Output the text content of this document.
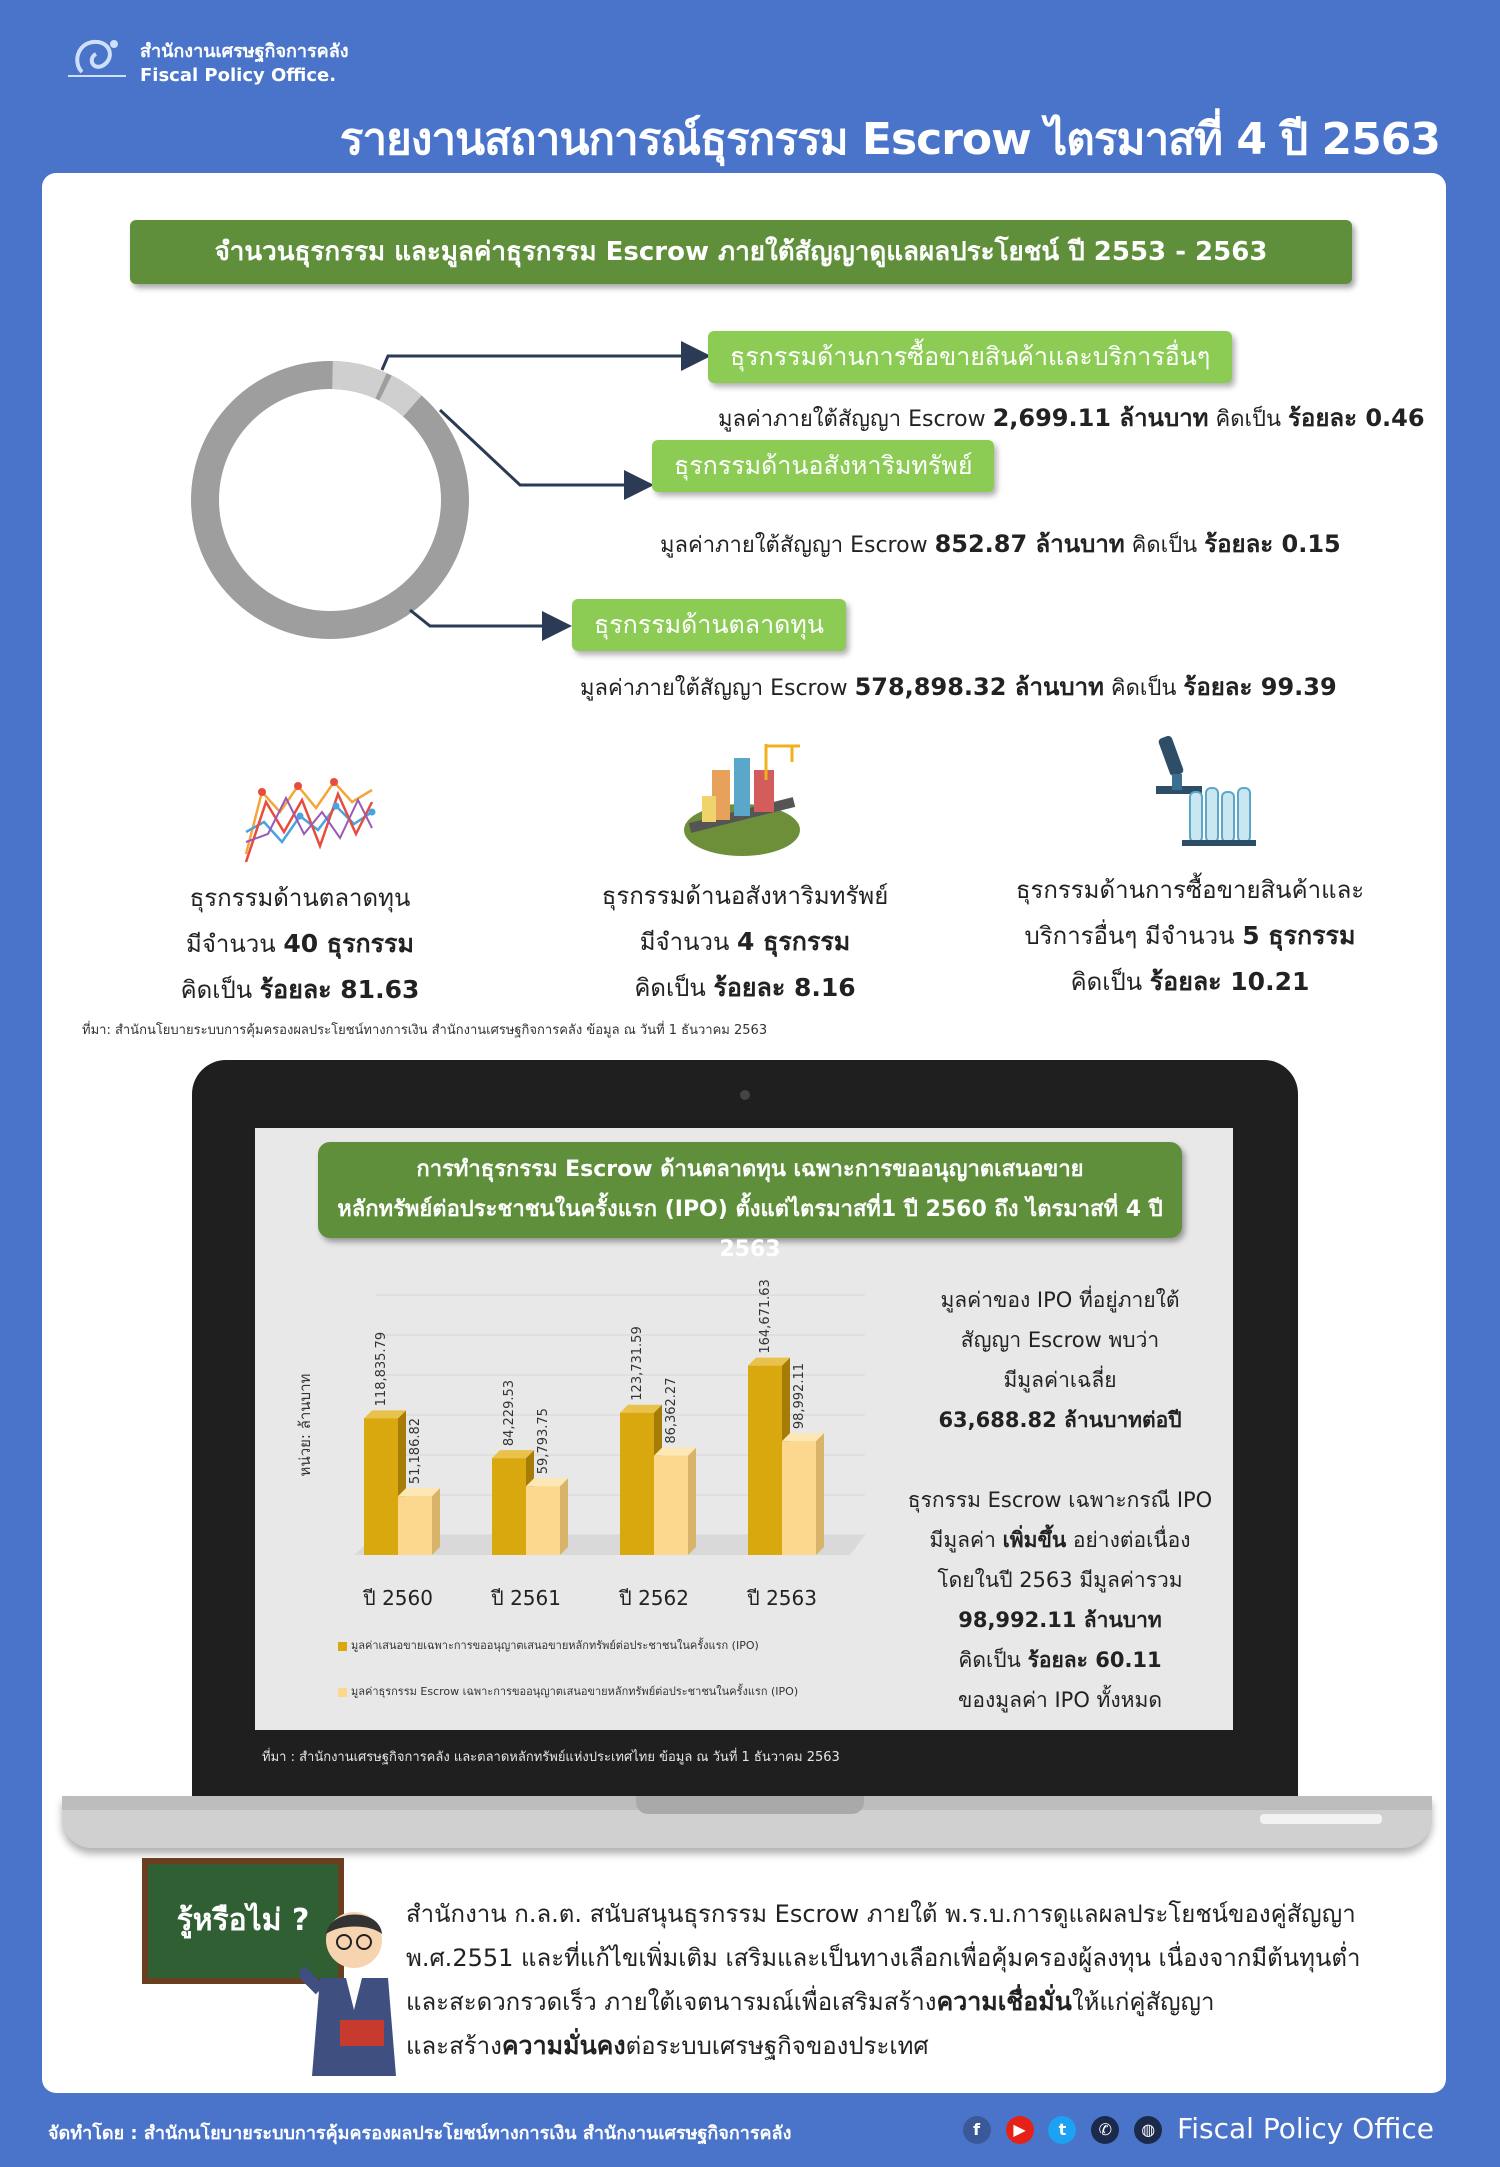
สำนักงานเศรษฐกิจการคลัง
Fiscal Policy Office.
รายงานสถานการณ์ธุรกรรม Escrow ไตรมาสที่ 4 ปี 2563
จำนวนธุรกรรม และมูลค่าธุรกรรม Escrow ภายใต้สัญญาดูแลผลประโยชน์ ปี 2553 - 2563
ธุรกรรมด้านการซื้อขายสินค้าและบริการอื่นๆ
มูลค่าภายใต้สัญญา Escrow 2,699.11 ล้านบาท คิดเป็น ร้อยละ 0.46
ธุรกรรมด้านอสังหาริมทรัพย์
มูลค่าภายใต้สัญญา Escrow 852.87 ล้านบาท คิดเป็น ร้อยละ 0.15
ธุรกรรมด้านตลาดทุน
มูลค่าภายใต้สัญญา Escrow 578,898.32 ล้านบาท คิดเป็น ร้อยละ 99.39
ธุรกรรมด้านตลาดทุน
มีจำนวน 40 ธุรกรรม
คิดเป็น ร้อยละ 81.63
ธุรกรรมด้านอสังหาริมทรัพย์
มีจำนวน 4 ธุรกรรม
คิดเป็น ร้อยละ 8.16
ธุรกรรมด้านการซื้อขายสินค้าและ
บริการอื่นๆ มีจำนวน 5 ธุรกรรม
คิดเป็น ร้อยละ 10.21
ที่มา: สำนักนโยบายระบบการคุ้มครองผลประโยชน์ทางการเงิน สำนักงานเศรษฐกิจการคลัง ข้อมูล ณ วันที่ 1 ธันวาคม 2563
การทำธุรกรรม Escrow ด้านตลาดทุน เฉพาะการขออนุญาตเสนอขาย
หลักทรัพย์ต่อประชาชนในครั้งแรก (IPO) ตั้งแต่ไตรมาสที่1 ปี 2560 ถึง ไตรมาสที่ 4 ปี 2563
หน่วย: ล้านบาท
118,835.79
51,186.82
ปี 2560
84,229.53 59,793.75
ปี 2561
123,731.59
86,362.27
ปี 2562
164,671.63
98,992.11
ปี 2563
มูลค่าเสนอขายเฉพาะการขออนุญาตเสนอขายหลักทรัพย์ต่อประชาชนในครั้งแรก (IPO)
มูลค่าธุรกรรม Escrow เฉพาะการขออนุญาตเสนอขายหลักทรัพย์ต่อประชาชนในครั้งแรก (IPO)
มูลค่าของ IPO ที่อยู่ภายใต้
สัญญา Escrow พบว่า
มีมูลค่าเฉลี่ย
63,688.82 ล้านบาทต่อปี
ธุรกรรม Escrow เฉพาะกรณี IPO
มีมูลค่า เพิ่มขึ้น อย่างต่อเนื่อง
โดยในปี 2563 มีมูลค่ารวม
98,992.11 ล้านบาท
คิดเป็น ร้อยละ 60.11
ของมูลค่า IPO ทั้งหมด
ที่มา : สำนักงานเศรษฐกิจการคลัง และตลาดหลักทรัพย์แห่งประเทศไทย ข้อมูล ณ วันที่ 1 ธันวาคม 2563
รู้หรือไม่ ?	สำนักงาน ก.ล.ต. สนับสนุนธุรกรรม Escrow ภายใต้ พ.ร.บ.การดูแลผลประโยชน์ของคู่สัญญา
พ.ศ.2551 และที่แก้ไขเพิ่มเติม เสริมและเป็นทางเลือกเพื่อคุ้มครองผู้ลงทุน เนื่องจากมีต้นทุนต่ำ
และสะดวกรวดเร็ว ภายใต้เจตนารมณ์เพื่อเสริมสร้างความเชื่อมั่นให้แก่คู่สัญญา
และสร้างความมั่นคงต่อระบบเศรษฐกิจของประเทศ
จัดทำโดย : สำนักนโยบายระบบการคุ้มครองผลประโยชน์ทางการเงิน สำนักงานเศรษฐกิจการคลัง	f ▶ t ✆ ◍ Fiscal Policy Office
